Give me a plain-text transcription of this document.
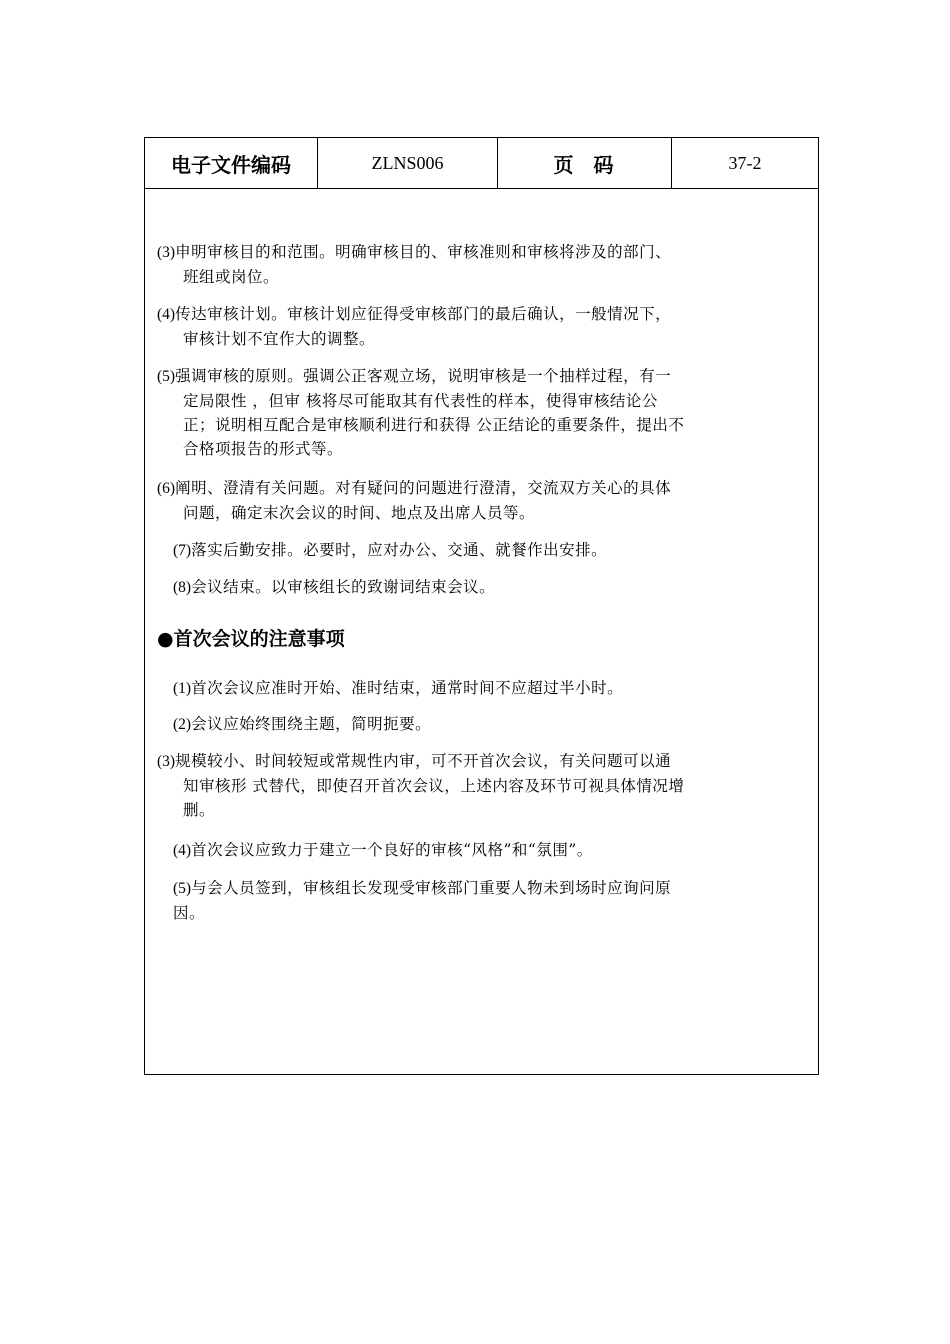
电子文件编码	ZLNS006	页码	37-2
(3)申明审核目的和范围。明确审核目的、审核准则和审核将涉及的部门、
班组或岗位。
(4)传达审核计划。审核计划应征得受审核部门的最后确认，一般情况下，
审核计划不宜作大的调整。
(5)强调审核的原则。强调公正客观立场，说明审核是一个抽样过程，有一
定局限性 ，但审 核将尽可能取其有代表性的样本，使得审核结论公
正；说明相互配合是审核顺利进行和获得 公正结论的重要条件，提出不
合格项报告的形式等。
(6)阐明、澄清有关问题。对有疑问的问题进行澄清，交流双方关心的具体
问题，确定末次会议的时间、地点及出席人员等。
(7)落实后勤安排。必要时，应对办公、交通、就餐作出安排。
(8)会议结束。以审核组长的致谢词结束会议。
●首次会议的注意事项
(1)首次会议应准时开始、准时结束，通常时间不应超过半小时。
(2)会议应始终围绕主题，简明扼要。
(3)规模较小、时间较短或常规性内审，可不开首次会议，有关问题可以通
知审核形 式替代，即使召开首次会议，上述内容及环节可视具体情况增
删。
(4)首次会议应致力于建立一个良好的审核“风格”和“氛围”。
(5)与会人员签到，审核组长发现受审核部门重要人物未到场时应询问原
因。
